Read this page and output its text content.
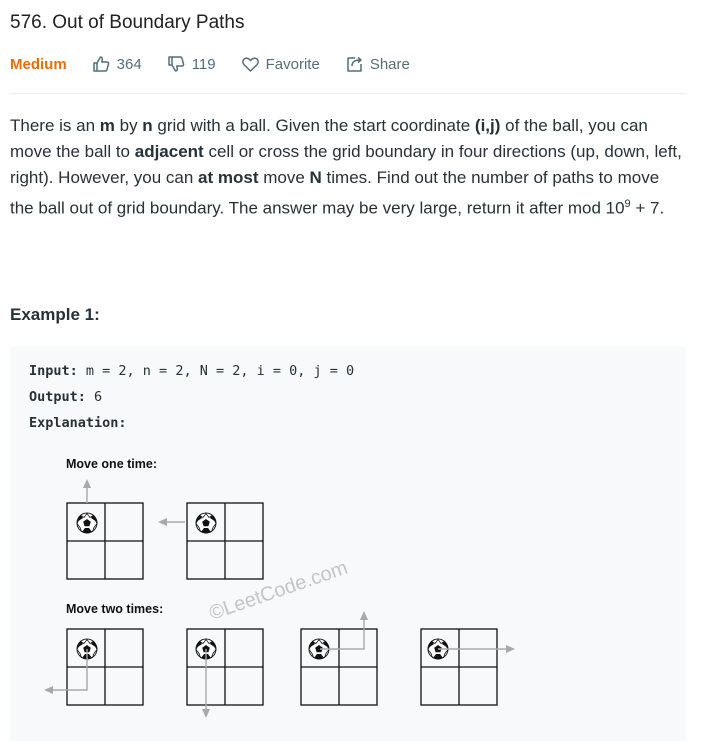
576. Out of Boundary Paths
Medium	364	119	Favorite	Share
There is an m by n grid with a ball. Given the start coordinate (i,j) of the ball, you can move the ball to adjacent cell or cross the grid boundary in four directions (up, down, left, right). However, you can at most move N times. Find out the number of paths to move the ball out of grid boundary. The answer may be very large, return it after mod $10^9 + 7$.
Example 1:
Input: m = 2, n = 2, N = 2, i = 0, j = 0
Output: 6
Explanation:
Move one time:
©LeetCode.com
Move two times:
